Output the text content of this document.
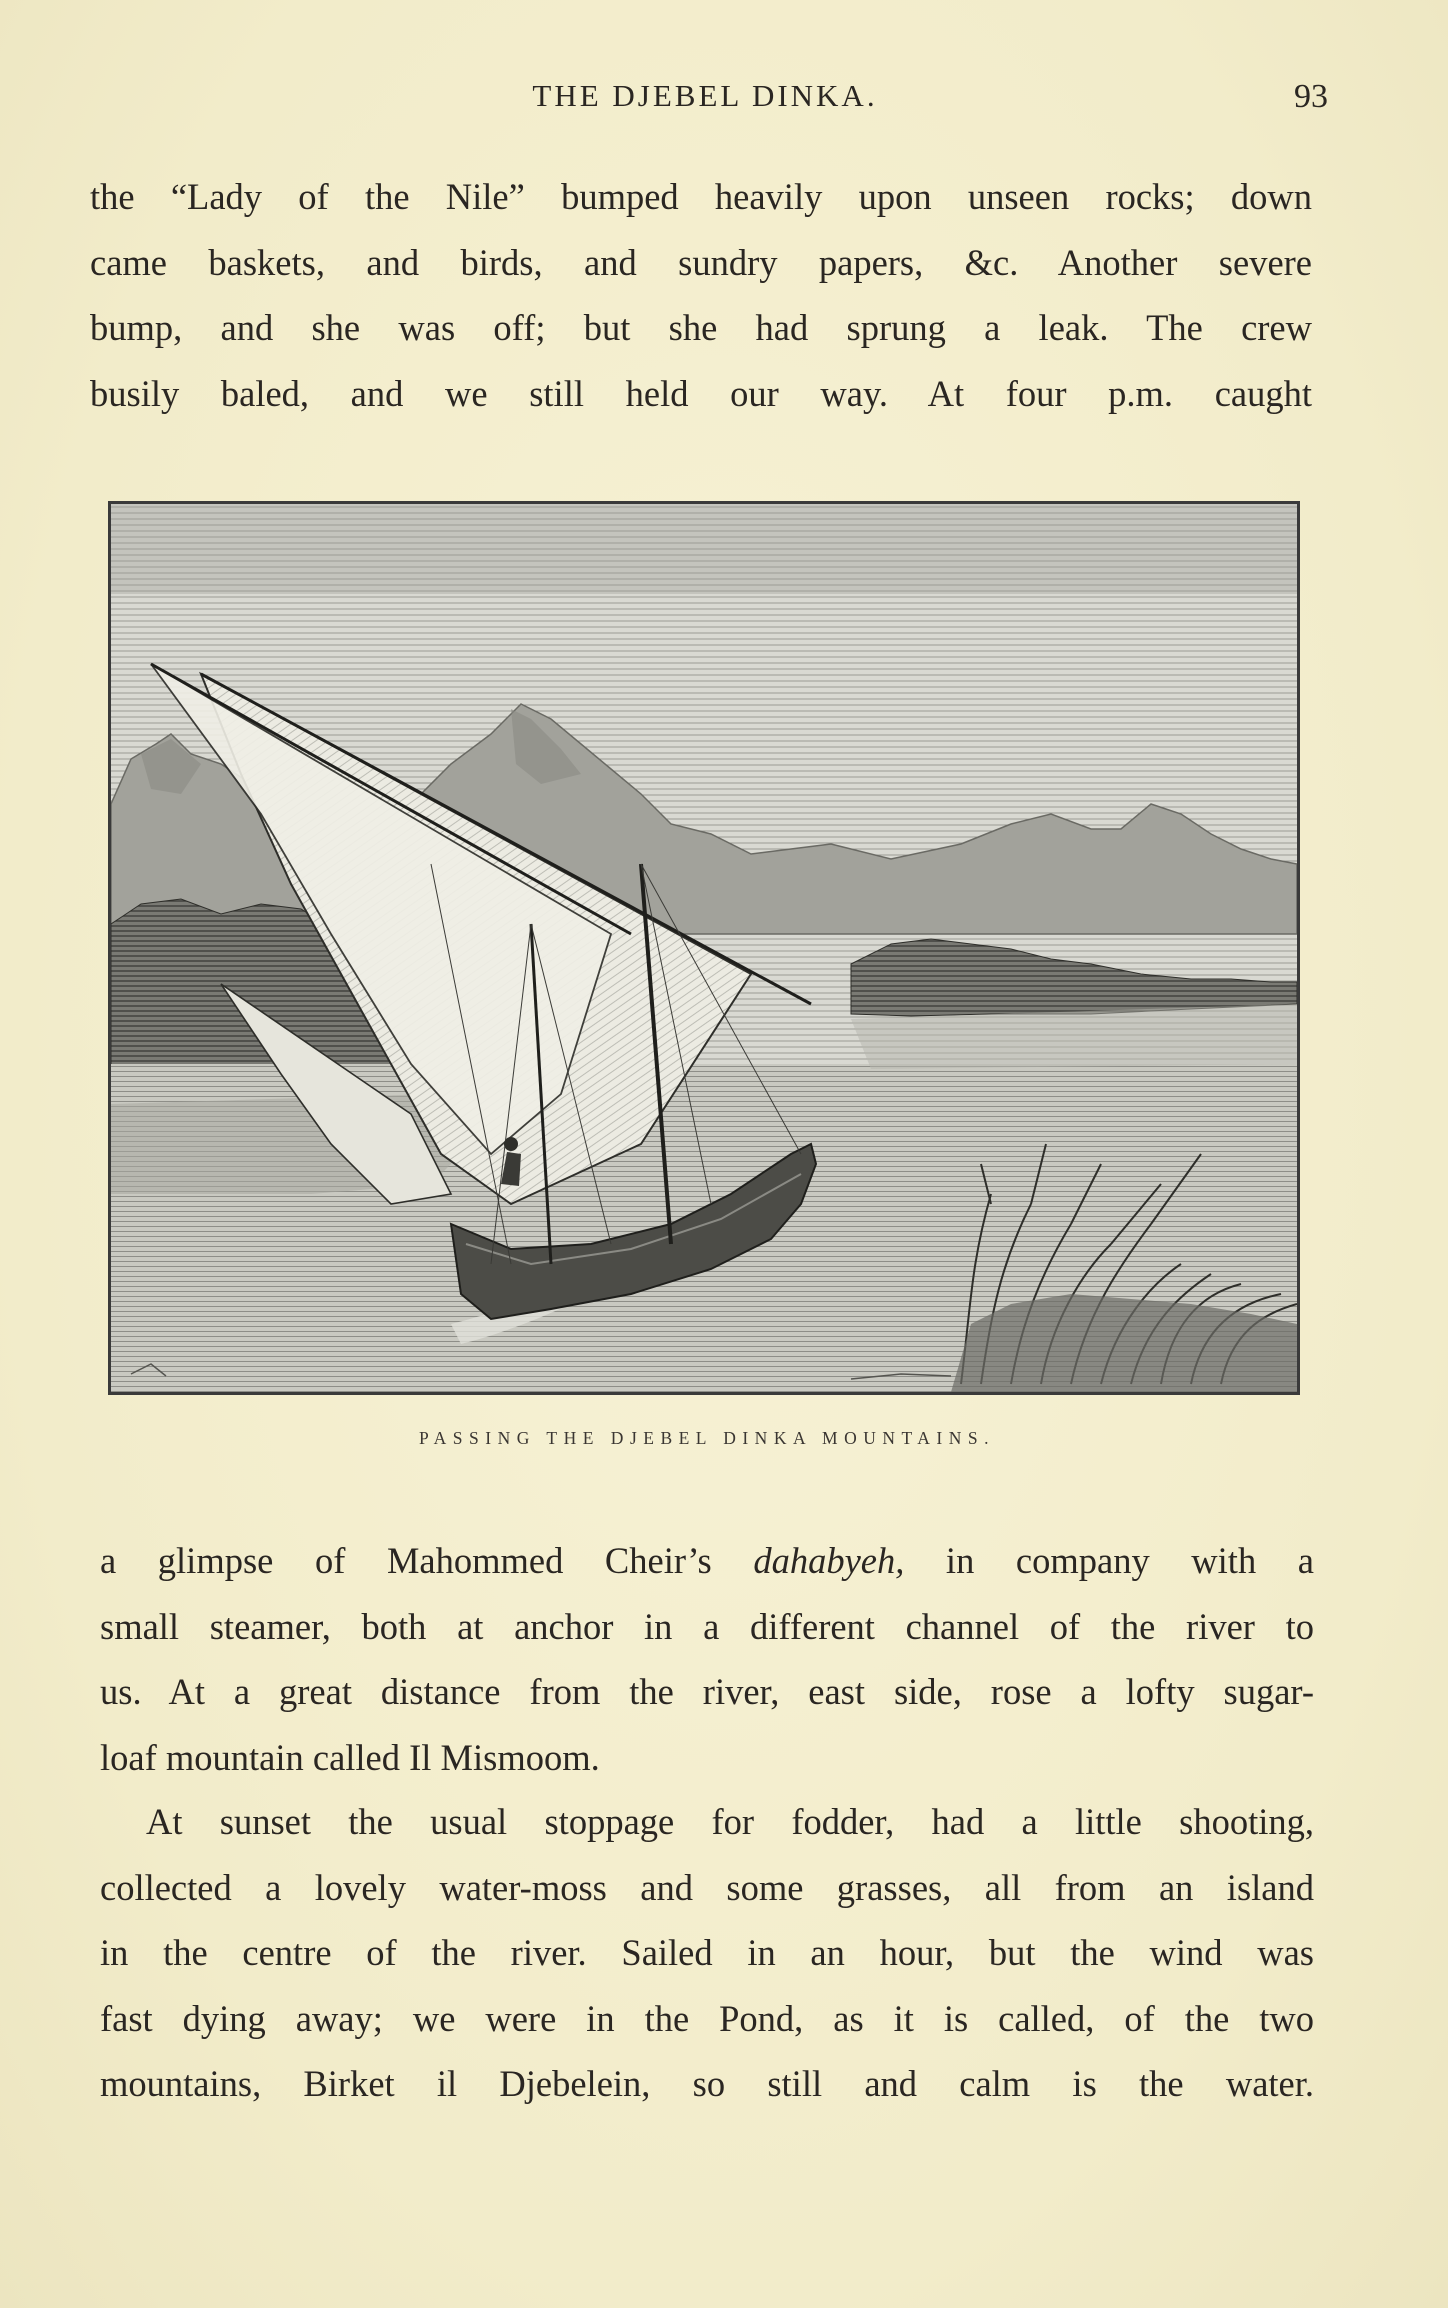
THE DJEBEL DINKA.	93
the “Lady of the Nile” bumped heavily upon unseen rocks; down
came baskets, and birds, and sundry papers, &c. Another severe
bump, and she was off; but she had sprung a leak. The crew
busily baled, and we still held our way. At four p.m. caught
PASSING THE DJEBEL DINKA MOUNTAINS.
a glimpse of Mahommed Cheir’s dahabyeh, in company with a
small steamer, both at anchor in a different channel of the river to
us. At a great distance from the river, east side, rose a lofty sugar-
loaf mountain called Il Mismoom.
At sunset the usual stoppage for fodder, had a little shooting,
collected a lovely water-moss and some grasses, all from an island
in the centre of the river. Sailed in an hour, but the wind was
fast dying away; we were in the Pond, as it is called, of the two
mountains, Birket il Djebelein, so still and calm is the water.
